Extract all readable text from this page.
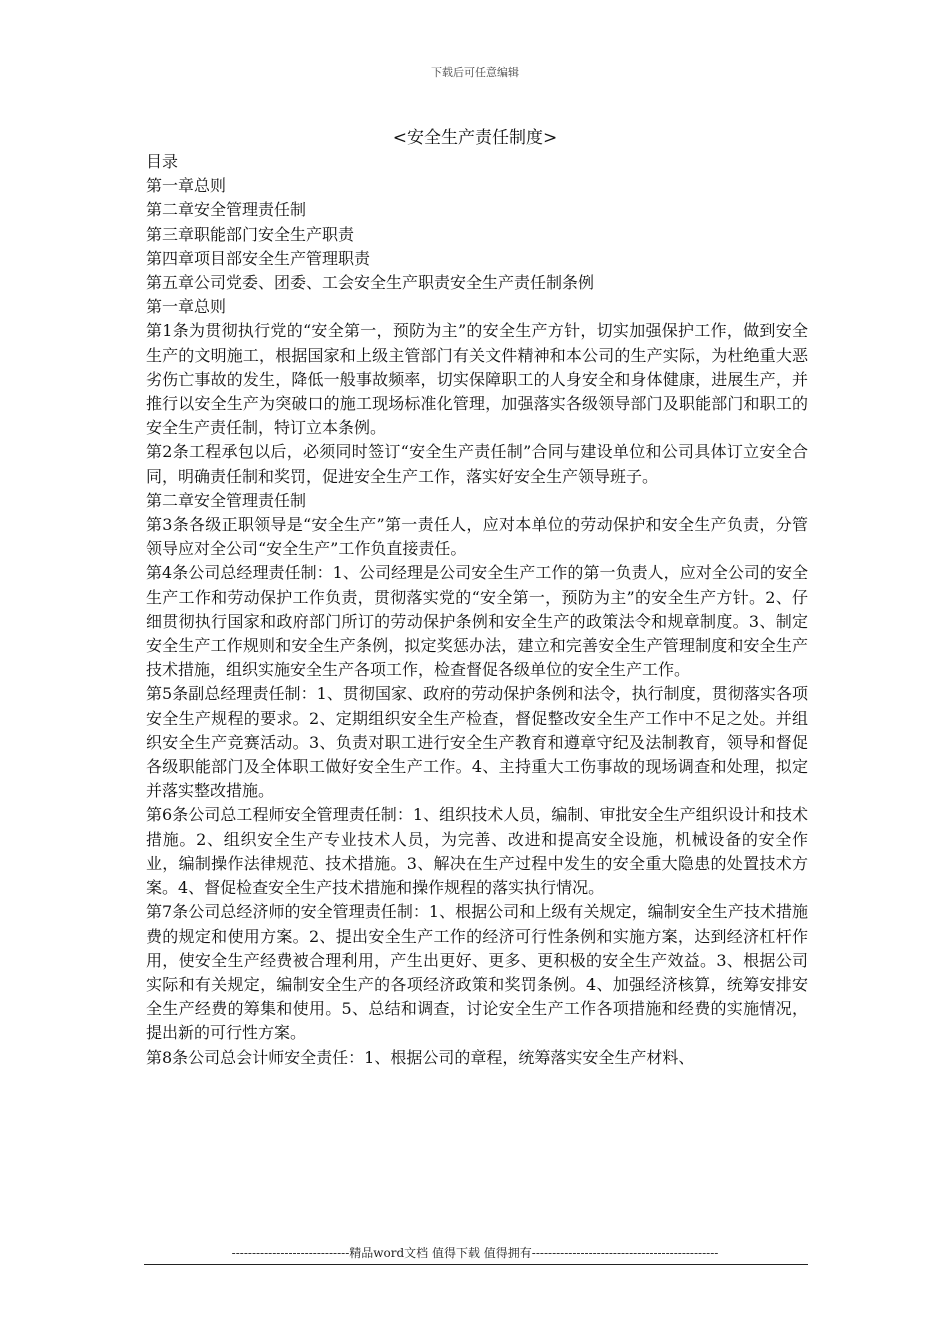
下载后可任意编辑
<安全生产责任制度>

目录

第一章总则

第二章安全管理责任制

第三章职能部门安全生产职责

第四章项目部安全生产管理职责

第五章公司党委、团委、工会安全生产职责安全生产责任制条例

第一章总则

第1条为贯彻执行党的“安全第一，预防为主”的安全生产方针，切实加强保护工作，做到安全生产的文明施工，根据国家和上级主管部门有关文件精神和本公司的生产实际，为杜绝重大恶劣伤亡事故的发生，降低一般事故频率，切实保障职工的人身安全和身体健康，进展生产，并推行以安全生产为突破口的施工现场标准化管理，加强落实各级领导部门及职能部门和职工的安全生产责任制，特订立本条例。

第2条工程承包以后，必须同时签订“安全生产责任制”合同与建设单位和公司具体订立安全合同，明确责任制和奖罚，促进安全生产工作，落实好安全生产领导班子。

第二章安全管理责任制

第3条各级正职领导是“安全生产”第一责任人，应对本单位的劳动保护和安全生产负责，分管领导应对全公司“安全生产”工作负直接责任。

第4条公司总经理责任制：1、公司经理是公司安全生产工作的第一负责人，应对全公司的安全生产工作和劳动保护工作负责，贯彻落实党的“安全第一，预防为主”的安全生产方针。2、仔细贯彻执行国家和政府部门所订的劳动保护条例和安全生产的政策法令和规章制度。3、制定安全生产工作规则和安全生产条例，拟定奖惩办法，建立和完善安全生产管理制度和安全生产技术措施，组织实施安全生产各项工作，检查督促各级单位的安全生产工作。

第5条副总经理责任制：1、贯彻国家、政府的劳动保护条例和法令，执行制度，贯彻落实各项安全生产规程的要求。2、定期组织安全生产检查，督促整改安全生产工作中不足之处。并组织安全生产竞赛活动。3、负责对职工进行安全生产教育和遵章守纪及法制教育，领导和督促各级职能部门及全体职工做好安全生产工作。4、主持重大工伤事故的现场调查和处理，拟定并落实整改措施。

第6条公司总工程师安全管理责任制：1、组织技术人员，编制、审批安全生产组织设计和技术措施。2、组织安全生产专业技术人员，为完善、改进和提高安全设施，机械设备的安全作业，编制操作法律规范、技术措施。3、解决在生产过程中发生的安全重大隐患的处置技术方案。4、督促检查安全生产技术措施和操作规程的落实执行情况。

第7条公司总经济师的安全管理责任制：1、根据公司和上级有关规定，编制安全生产技术措施费的规定和使用方案。2、提出安全生产工作的经济可行性条例和实施方案，达到经济杠杆作用，使安全生产经费被合理利用，产生出更好、更多、更积极的安全生产效益。3、根据公司实际和有关规定，编制安全生产的各项经济政策和奖罚条例。4、加强经济核算，统筹安排安全生产经费的筹集和使用。5、总结和调查，讨论安全生产工作各项措施和经费的实施情况，提出新的可行性方案。

第8条公司总会计师安全责任：1、根据公司的章程，统筹落实安全生产材料、

-----------------------------精品word文档 值得下载 值得拥有----------------------------------------------
